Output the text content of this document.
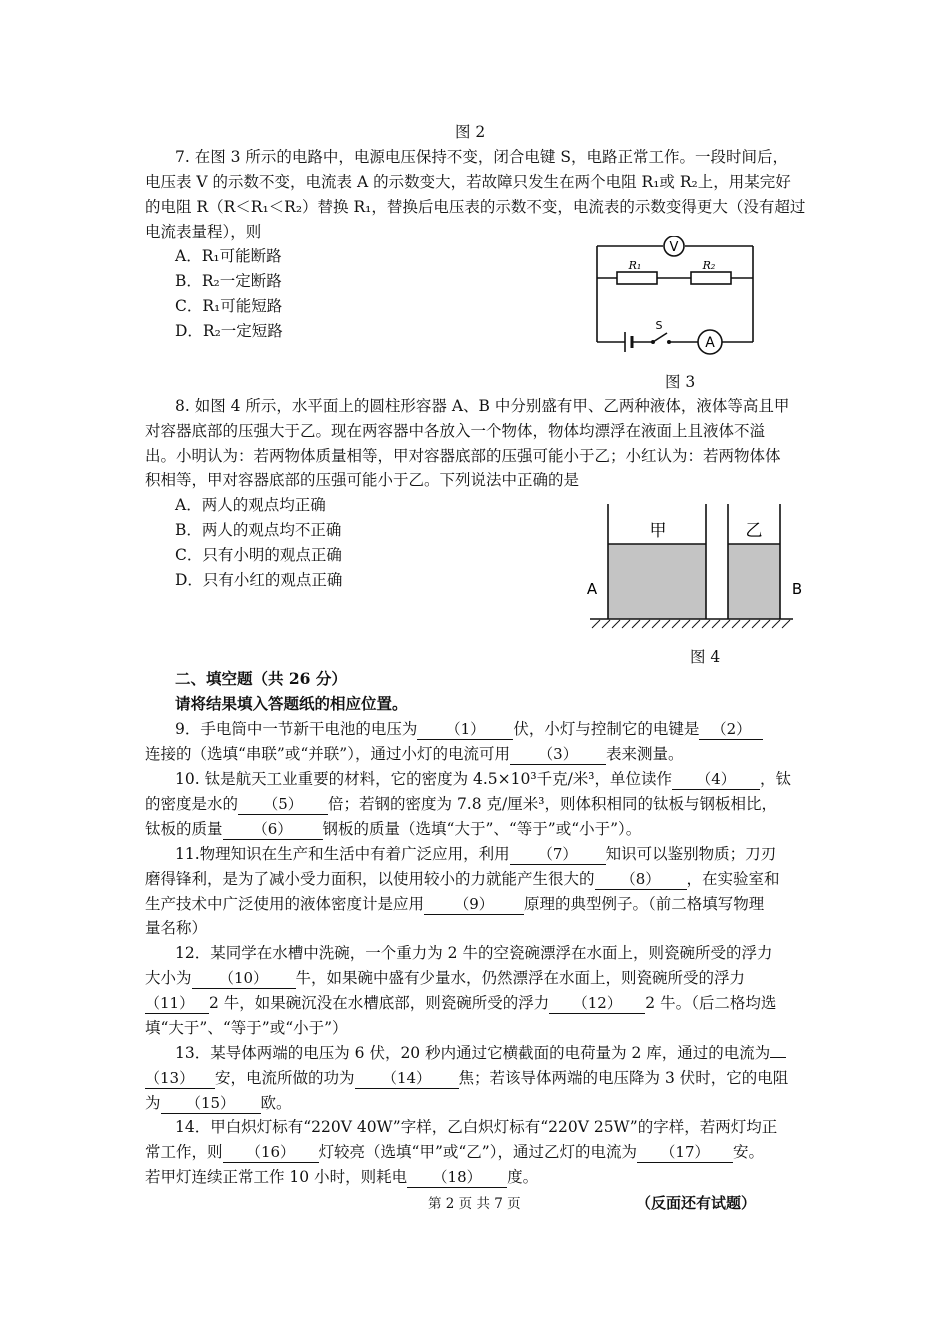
图 2
7. 在图 3 所示的电路中，电源电压保持不变，闭合电键 S，电路正常工作。一段时间后，
电压表 V 的示数不变，电流表 A 的示数变大，若故障只发生在两个电阻 R₁或 R₂上，用某完好
的电阻 R（R＜R₁＜R₂）替换 R₁，替换后电压表的示数不变，电流表的示数变得更大（没有超过
电流表量程），则
A．R₁可能断路
B．R₂一定断路
C．R₁可能短路
D．R₂一定短路
V
A
R₁	R₂
S
图 3
8. 如图 4 所示，水平面上的圆柱形容器 A、B 中分别盛有甲、乙两种液体，液体等高且甲
对容器底部的压强大于乙。现在两容器中各放入一个物体，物体均漂浮在液面上且液体不溢
出。小明认为：若两物体质量相等，甲对容器底部的压强可能小于乙；小红认为：若两物体体
积相等，甲对容器底部的压强可能小于乙。下列说法中正确的是
A．两人的观点均正确
B．两人的观点均不正确
C．只有小明的观点正确
D．只有小红的观点正确
甲	乙
A	B
图 4
二、填空题（共 26 分）
请将结果填入答题纸的相应位置。
9．手电筒中一节新干电池的电压为 （1） 伏，小灯与控制它的电键是 （2）
连接的（选填“串联”或“并联”），通过小灯的电流可用 （3） 表来测量。
10. 钛是航天工业重要的材料，它的密度为 4.5×10³千克/米³，单位读作 （4） ，钛
的密度是水的 （5） 倍；若钢的密度为 7.8 克/厘米³，则体积相同的钛板与钢板相比，
钛板的质量 （6） 钢板的质量（选填“大于”、“等于”或“小于”）。
11.物理知识在生产和生活中有着广泛应用，利用 （7） 知识可以鉴别物质；刀刃
磨得锋利，是为了减小受力面积，以使用较小的力就能产生很大的 （8） ，在实验室和
生产技术中广泛使用的液体密度计是应用 （9） 原理的典型例子。（前二格填写物理
量名称）
12．某同学在水槽中洗碗，一个重力为 2 牛的空瓷碗漂浮在水面上，则瓷碗所受的浮力
大小为 （10） 牛，如果碗中盛有少量水，仍然漂浮在水面上，则瓷碗所受的浮力
（11） 2 牛，如果碗沉没在水槽底部，则瓷碗所受的浮力 （12） 2 牛。（后二格均选
填“大于”、“等于”或“小于”）
13．某导体两端的电压为 6 伏，20 秒内通过它横截面的电荷量为 2 库，通过的电流为
（13） 安，电流所做的功为 （14） 焦；若该导体两端的电压降为 3 伏时，它的电阻
为 （15） 欧。
14．甲白炽灯标有“220V 40W”字样，乙白炽灯标有“220V 25W”的字样，若两灯均正
常工作，则 （16） 灯较亮（选填“甲”或“乙”），通过乙灯的电流为 （17） 安。
若甲灯连续正常工作 10 小时，则耗电 （18） 度。
第 2 页 共 7 页	（反面还有试题）
